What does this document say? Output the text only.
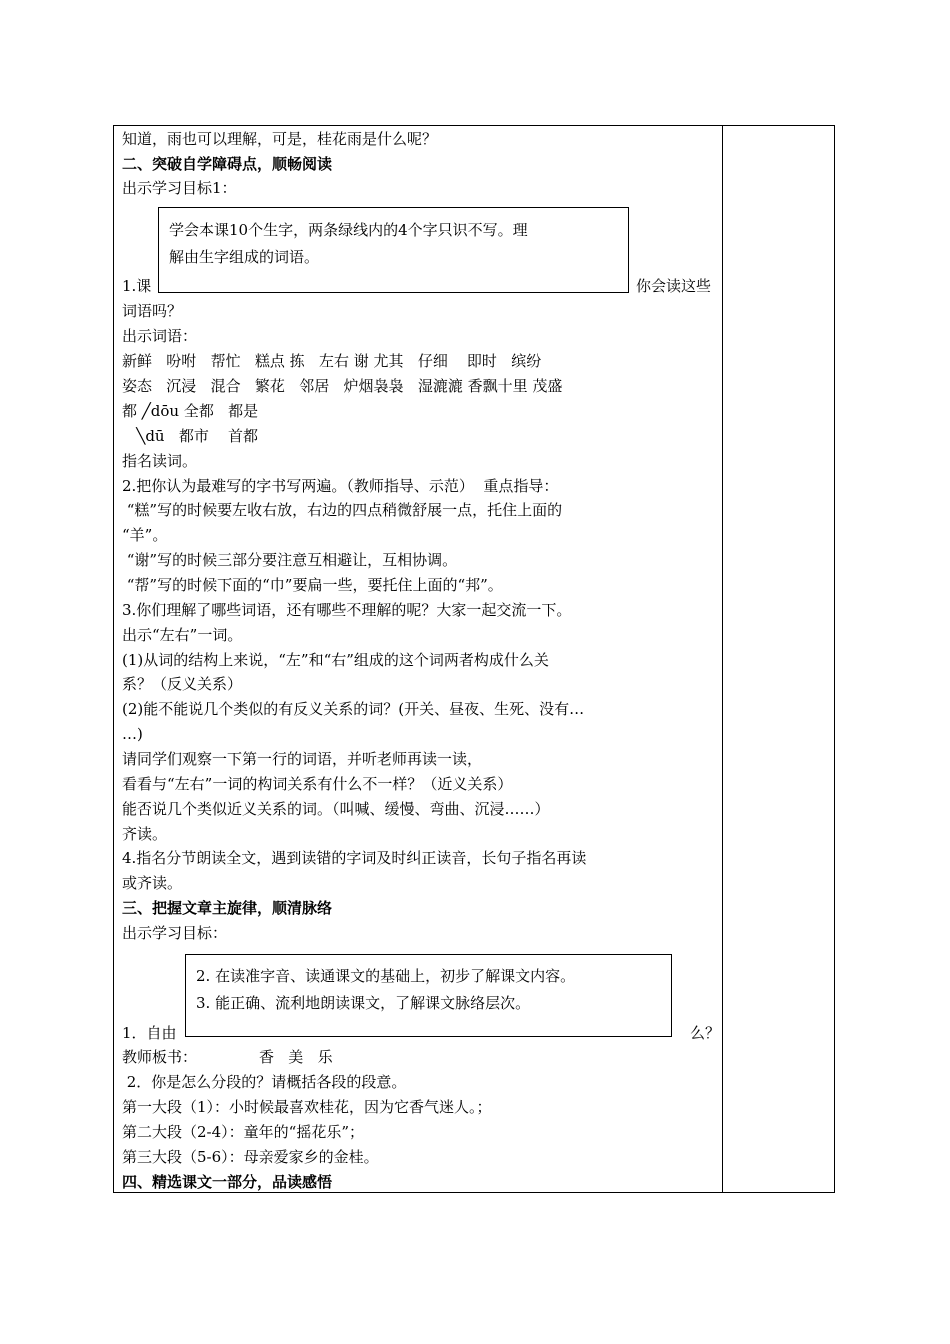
知道，雨也可以理解，可是，桂花雨是什么呢？
二、突破自学障碍点，顺畅阅读
出示学习目标1：
1.课	你会读这些
词语吗？
出示词语：
新鲜   吩咐   帮忙   糕点 拣   左右 谢 尤其   仔细    即时   缤纷
姿态   沉浸   混合   繁花   邻居   炉烟袅袅   湿漉漉 香飘十里 茂盛
都 ╱dōu 全都   都是
╲dū   都市    首都
指名读词。
2.把你认为最难写的字书写两遍。（教师指导、示范）  重点指导：
“糕”写的时候要左收右放，右边的四点稍微舒展一点，托住上面的
“羊”。
“谢”写的时候三部分要注意互相避让，互相协调。
“帮”写的时候下面的“巾”要扁一些，要托住上面的“邦”。
3.你们理解了哪些词语，还有哪些不理解的呢？大家一起交流一下。
出示“左右”一词。
(1)从词的结构上来说，“左”和“右”组成的这个词两者构成什么关
系？（反义关系）
(2)能不能说几个类似的有反义关系的词？(开关、昼夜、生死、没有…
…)
请同学们观察一下第一行的词语，并听老师再读一读，
看看与“左右”一词的构词关系有什么不一样？（近义关系）
能否说几个类似近义关系的词。（叫喊、缓慢、弯曲、沉浸……）
齐读。
4.指名分节朗读全文，遇到读错的字词及时纠正读音，长句子指名再读
或齐读。
三、把握文章主旋律，顺清脉络
出示学习目标：
1．自由	么？
教师板书：             香   美   乐
2．你是怎么分段的？请概括各段的段意。
第一大段（1）：小时候最喜欢桂花，因为它香气迷人。；
第二大段（2-4）：童年的“摇花乐”；
第三大段（5-6）：母亲爱家乡的金桂。
四、精选课文一部分，品读感悟
学会本课10个生字，两条绿线内的4个字只识不写。理
解由生字组成的词语。
2. 在读准字音、读通课文的基础上，初步了解课文内容。
3. 能正确、流利地朗读课文，了解课文脉络层次。
